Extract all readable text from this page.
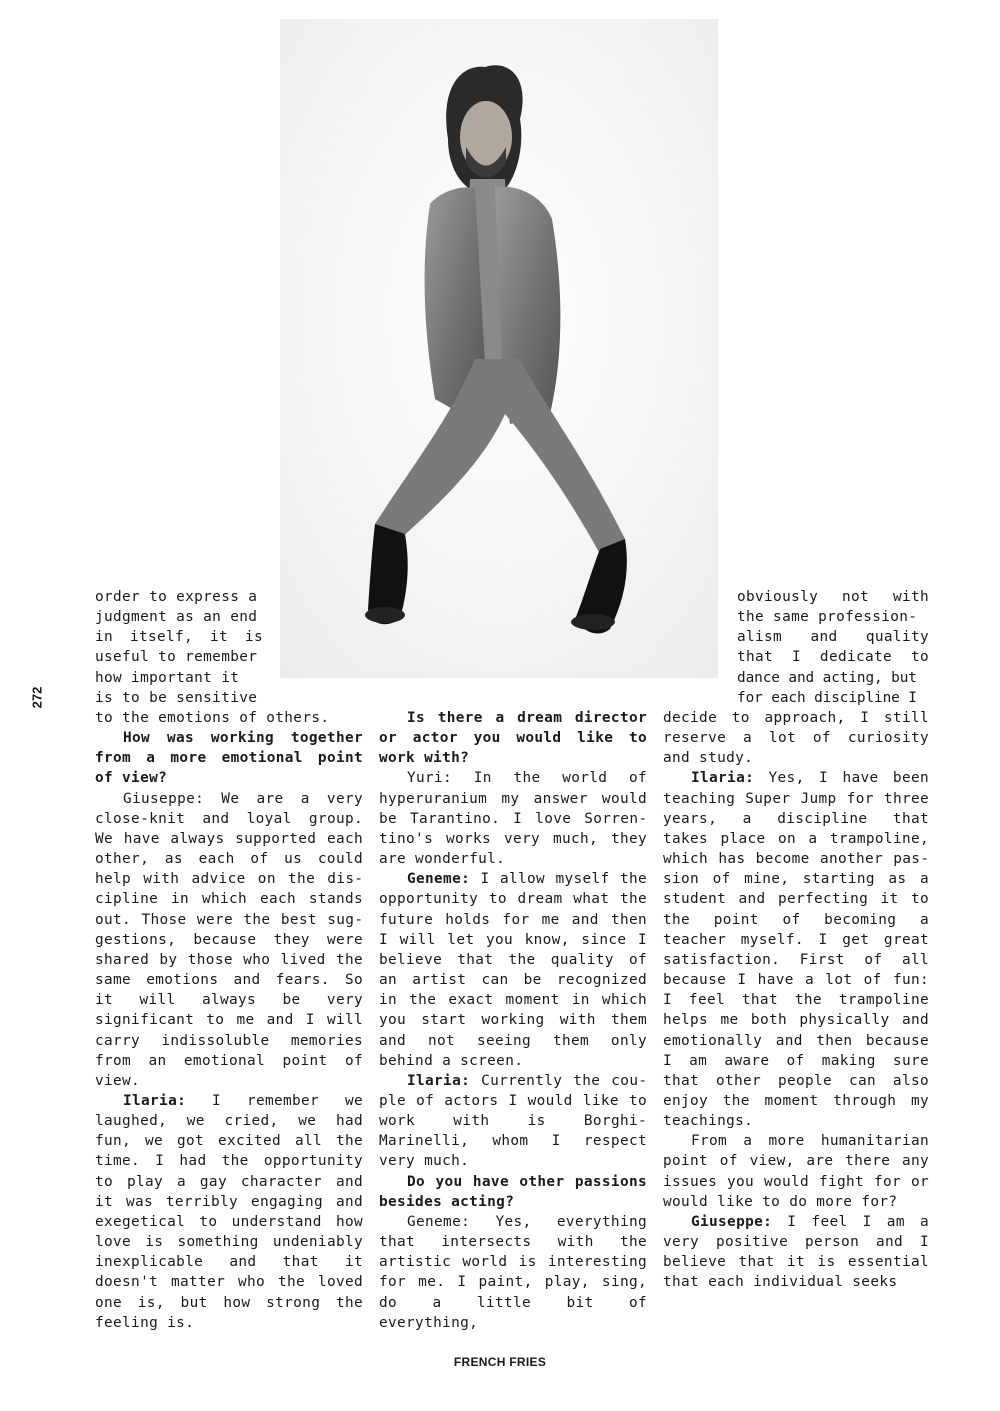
272
order to express a
judgment as an end
in itself, it is
useful to remember
how important it
is to be sensitive

to the emotions of others.

How was working together from a more emotional point of view?

Giuseppe: We are a very close-knit and loyal group. We have always supported each other, as each of us could help with advice on the discipline in which each stands out. Those were the best suggestions, because they were shared by those who lived the same emotions and fears. So it will always be very significant to me and I will carry indissoluble memories from an emotional point of view.

Ilaria: I remember we laughed, we cried, we had fun, we got excited all the time. I had the opportunity to play a gay character and it was terribly engaging and exegetical to understand how love is something undeniably inexplicable and that it doesn't matter who the loved one is, but how strong the feeling is.

Is there a dream director or actor you would like to work with?

Yuri: In the world of hyperuranium my answer would be Tarantino. I love Sorrentino's works very much, they are wonderful.

Geneme: I allow myself the opportunity to dream what the future holds for me and then I will let you know, since I believe that the quality of an artist can be recognized in the exact moment in which you start working with them and not seeing them only behind a screen.

Ilaria: Currently the couple of actors I would like to work with is Borghi-Marinelli, whom I respect very much.

Do you have other passions besides acting?

Geneme: Yes, everything that intersects with the artistic world is interesting for me. I paint, play, sing, do a little bit of everything,

obviously not with
the same profession-
alism and quality
that I dedicate to
dance and acting, but
for each discipline I

decide to approach, I still reserve a lot of curiosity and study.

Ilaria: Yes, I have been teaching Super Jump for three years, a discipline that takes place on a trampoline, which has become another passion of mine, starting as a student and perfecting it to the point of becoming a teacher myself. I get great satisfaction. First of all because I have a lot of fun: I feel that the trampoline helps me both physically and emotionally and then because I am aware of making sure that other people can also enjoy the moment through my teachings.

From a more humanitarian point of view, are there any issues you would fight for or would like to do more for?

Giuseppe: I feel I am a very positive person and I believe that it is essential that each individual seeks

FRENCH FRIES
